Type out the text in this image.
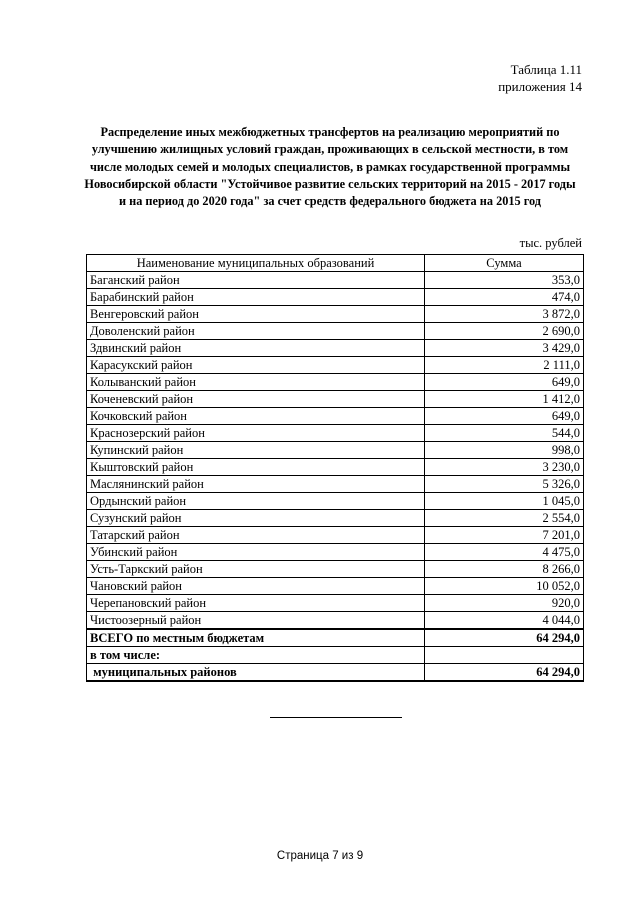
Таблица 1.11
приложения 14
Распределение иных межбюджетных трансфертов на реализацию мероприятий по улучшению жилищных условий граждан, проживающих в сельской местности, в том числе молодых семей и молодых специалистов, в рамках государственной программы Новосибирской области "Устойчивое развитие сельских территорий на 2015 - 2017 годы и на период до 2020 года" за счет средств федерального бюджета на 2015 год
тыс. рублей
Наименование муниципальных образований	Сумма
Баганский район	353,0
Барабинский район	474,0
Венгеровский район	3 872,0
Доволенский район	2 690,0
Здвинский район	3 429,0
Карасукский район	2 111,0
Колыванский район	649,0
Коченевский район	1 412,0
Кочковский район	649,0
Краснозерский район	544,0
Купинский район	998,0
Кыштовский район	3 230,0
Маслянинский район	5 326,0
Ордынский район	1 045,0
Сузунский район	2 554,0
Татарский район	7 201,0
Убинский район	4 475,0
Усть-Таркский район	8 266,0
Чановский район	10 052,0
Черепановский район	920,0
Чистоозерный район	4 044,0
ВСЕГО по местным бюджетам	64 294,0
в том числе:	
муниципальных районов	64 294,0
Страница 7 из 9
